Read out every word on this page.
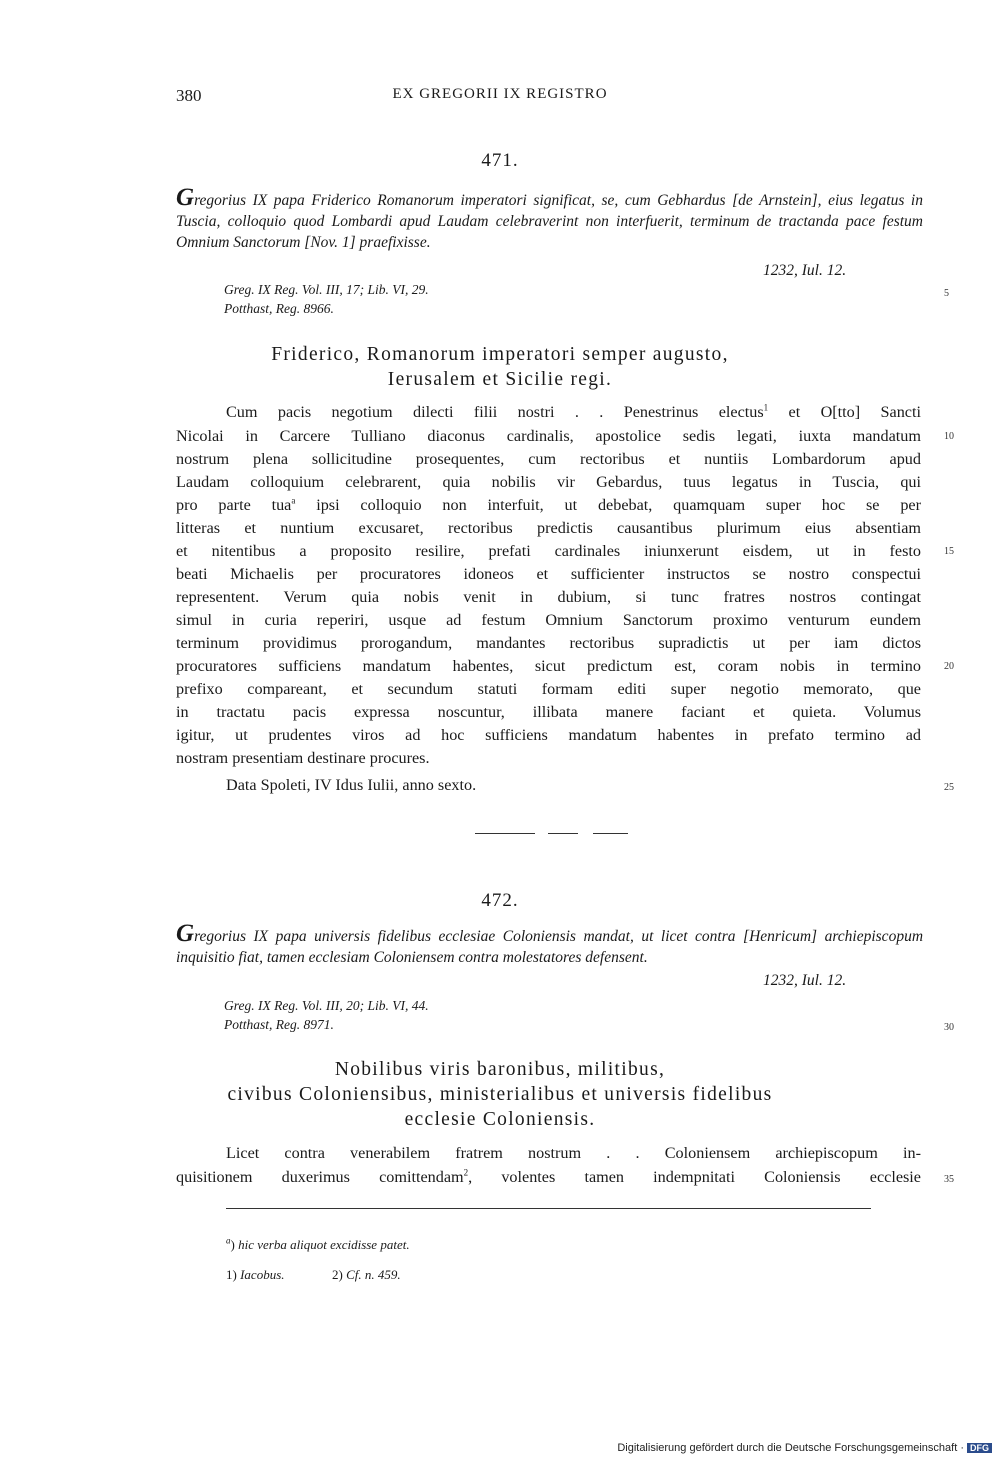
380	EX GREGORII IX REGISTRO
471.
Gregorius IX papa Friderico Romanorum imperatori significat, se, cum Gebhardus [de Arnstein], eius legatus in Tuscia, colloquio quod Lombardi apud Laudam celebraverint non interfuerit, terminum de tractanda pace festum Omnium Sanctorum [Nov. 1] praefixisse.
1232, Iul. 12.
Greg. IX Reg. Vol. III, 17; Lib. VI, 29.
Potthast, Reg. 8966.
Friderico, Romanorum imperatori semper augusto,
Ierusalem et Sicilie regi.
Cum pacis negotium dilecti filii nostri . . Penestrinus electus$^1$ et O[tto] Sancti
Nicolai in Carcere Tulliano diaconus cardinalis, apostolice sedis legati, iuxta mandatum
nostrum plena sollicitudine prosequentes, cum rectoribus et nuntiis Lombardorum apud
Laudam colloquium celebrarent, quia nobilis vir Gebardus, tuus legatus in Tuscia, qui
pro parte tua$^a$ ipsi colloquio non interfuit, ut debebat, quamquam super hoc se per
litteras et nuntium excusaret, rectoribus predictis causantibus plurimum eius absentiam
et nitentibus a proposito resilire, prefati cardinales iniunxerunt eisdem, ut in festo
beati Michaelis per procuratores idoneos et sufficienter instructos se nostro conspectui
representent. Verum quia nobis venit in dubium, si tunc fratres nostros contingat
simul in curia reperiri, usque ad festum Omnium Sanctorum proximo venturum eundem
terminum providimus prorogandum, mandantes rectoribus supradictis ut per iam dictos
procuratores sufficiens mandatum habentes, sicut predictum est, coram nobis in termino
prefixo compareant, et secundum statuti formam editi super negotio memorato, que
in tractatu pacis expressa noscuntur, illibata manere faciant et quieta. Volumus
igitur, ut prudentes viros ad hoc sufficiens mandatum habentes in prefato termino ad
nostram presentiam destinare procures.
Data Spoleti, IV Idus Iulii, anno sexto.
472.
Gregorius IX papa universis fidelibus ecclesiae Coloniensis mandat, ut licet contra [Henricum] archiepiscopum inquisitio fiat, tamen ecclesiam Coloniensem contra molestatores defensent.
1232, Iul. 12.
Greg. IX Reg. Vol. III, 20; Lib. VI, 44.
Potthast, Reg. 8971.
Nobilibus viris baronibus, militibus,
civibus Coloniensibus, ministerialibus et universis fidelibus
ecclesie Coloniensis.
Licet contra venerabilem fratrem nostrum . . Coloniensem archiepiscopum in-
quisitionem duxerimus comittendam$^2$, volentes tamen indempnitati Coloniensis ecclesie
5
10
15
20
25
30
35
$^a$) hic verba aliquot excidisse patet.
1) Iacobus.	2) Cf. n. 459.
Digitalisierung gefördert durch die Deutsche Forschungsgemeinschaft · DFG
